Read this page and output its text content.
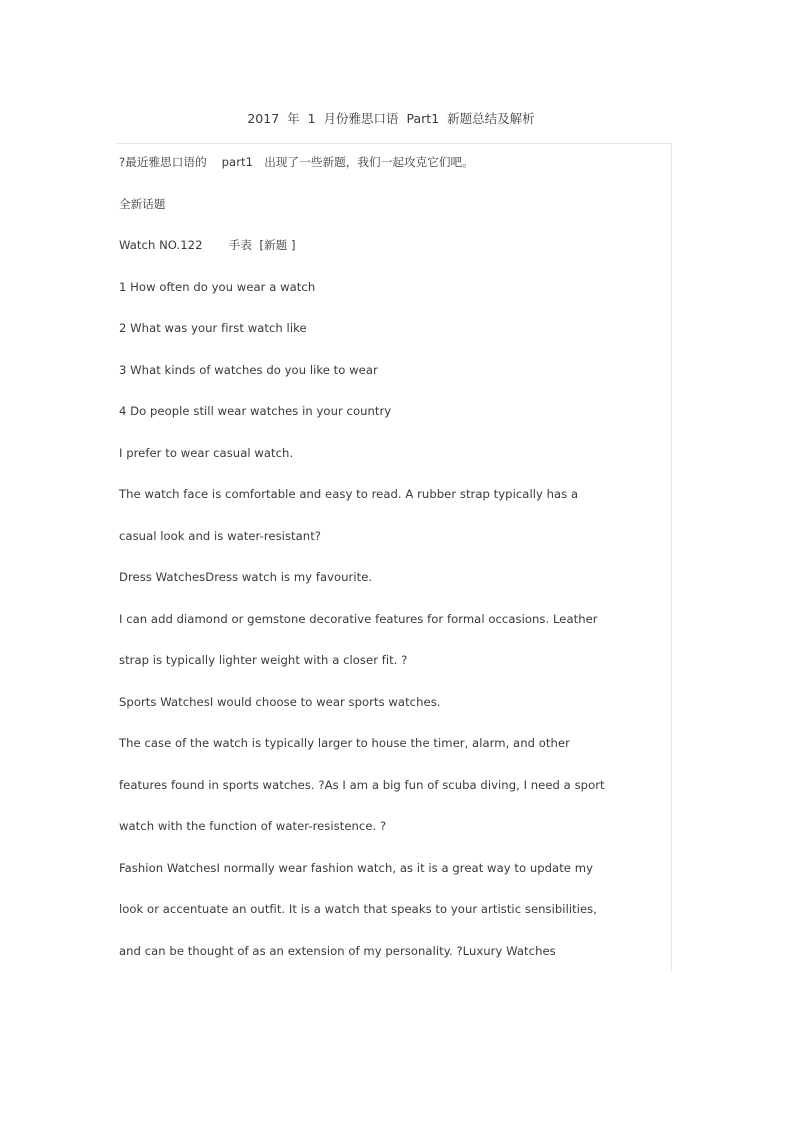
2017 年 1 月份雅思口语 Part1 新题总结及解析
?最近雅思口语的    part1   出现了一些新题，我们一起攻克它们吧。
全新话题
Watch NO.122       手表  [新题 ]
1 How often do you wear a watch
2 What was your first watch like
3 What kinds of watches do you like to wear
4 Do people still wear watches in your country
I prefer to wear casual watch.
The watch face is comfortable and easy to read. A rubber strap typically has a
casual look and is water-resistant?
Dress WatchesDress watch is my favourite.
I can add diamond or gemstone decorative features for formal occasions. Leather
strap is typically lighter weight with a closer fit. ?
Sports WatchesI would choose to wear sports watches.
The case of the watch is typically larger to house the timer, alarm, and other
features found in sports watches. ?As I am a big fun of scuba diving, I need a sport
watch with the function of water-resistence. ?
Fashion WatchesI normally wear fashion watch, as it is a great way to update my
look or accentuate an outfit. It is a watch that speaks to your artistic sensibilities,
and can be thought of as an extension of my personality. ?Luxury Watches
